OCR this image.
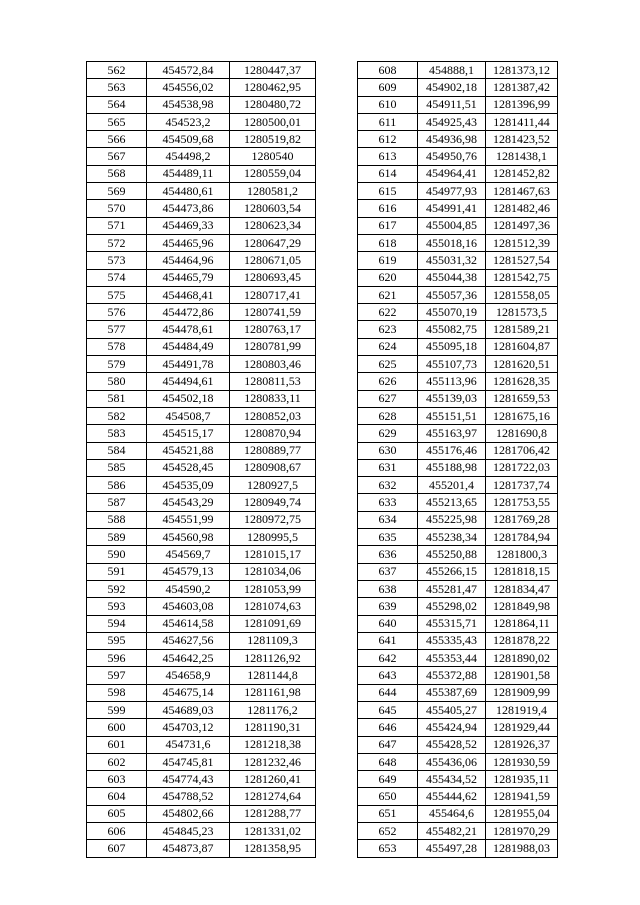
562	454572,84	1280447,37
563	454556,02	1280462,95
564	454538,98	1280480,72
565	454523,2	1280500,01
566	454509,68	1280519,82
567	454498,2	1280540
568	454489,11	1280559,04
569	454480,61	1280581,2
570	454473,86	1280603,54
571	454469,33	1280623,34
572	454465,96	1280647,29
573	454464,96	1280671,05
574	454465,79	1280693,45
575	454468,41	1280717,41
576	454472,86	1280741,59
577	454478,61	1280763,17
578	454484,49	1280781,99
579	454491,78	1280803,46
580	454494,61	1280811,53
581	454502,18	1280833,11
582	454508,7	1280852,03
583	454515,17	1280870,94
584	454521,88	1280889,77
585	454528,45	1280908,67
586	454535,09	1280927,5
587	454543,29	1280949,74
588	454551,99	1280972,75
589	454560,98	1280995,5
590	454569,7	1281015,17
591	454579,13	1281034,06
592	454590,2	1281053,99
593	454603,08	1281074,63
594	454614,58	1281091,69
595	454627,56	1281109,3
596	454642,25	1281126,92
597	454658,9	1281144,8
598	454675,14	1281161,98
599	454689,03	1281176,2
600	454703,12	1281190,31
601	454731,6	1281218,38
602	454745,81	1281232,46
603	454774,43	1281260,41
604	454788,52	1281274,64
605	454802,66	1281288,77
606	454845,23	1281331,02
607	454873,87	1281358,95
608	454888,1	1281373,12
609	454902,18	1281387,42
610	454911,51	1281396,99
611	454925,43	1281411,44
612	454936,98	1281423,52
613	454950,76	1281438,1
614	454964,41	1281452,82
615	454977,93	1281467,63
616	454991,41	1281482,46
617	455004,85	1281497,36
618	455018,16	1281512,39
619	455031,32	1281527,54
620	455044,38	1281542,75
621	455057,36	1281558,05
622	455070,19	1281573,5
623	455082,75	1281589,21
624	455095,18	1281604,87
625	455107,73	1281620,51
626	455113,96	1281628,35
627	455139,03	1281659,53
628	455151,51	1281675,16
629	455163,97	1281690,8
630	455176,46	1281706,42
631	455188,98	1281722,03
632	455201,4	1281737,74
633	455213,65	1281753,55
634	455225,98	1281769,28
635	455238,34	1281784,94
636	455250,88	1281800,3
637	455266,15	1281818,15
638	455281,47	1281834,47
639	455298,02	1281849,98
640	455315,71	1281864,11
641	455335,43	1281878,22
642	455353,44	1281890,02
643	455372,88	1281901,58
644	455387,69	1281909,99
645	455405,27	1281919,4
646	455424,94	1281929,44
647	455428,52	1281926,37
648	455436,06	1281930,59
649	455434,52	1281935,11
650	455444,62	1281941,59
651	455464,6	1281955,04
652	455482,21	1281970,29
653	455497,28	1281988,03
